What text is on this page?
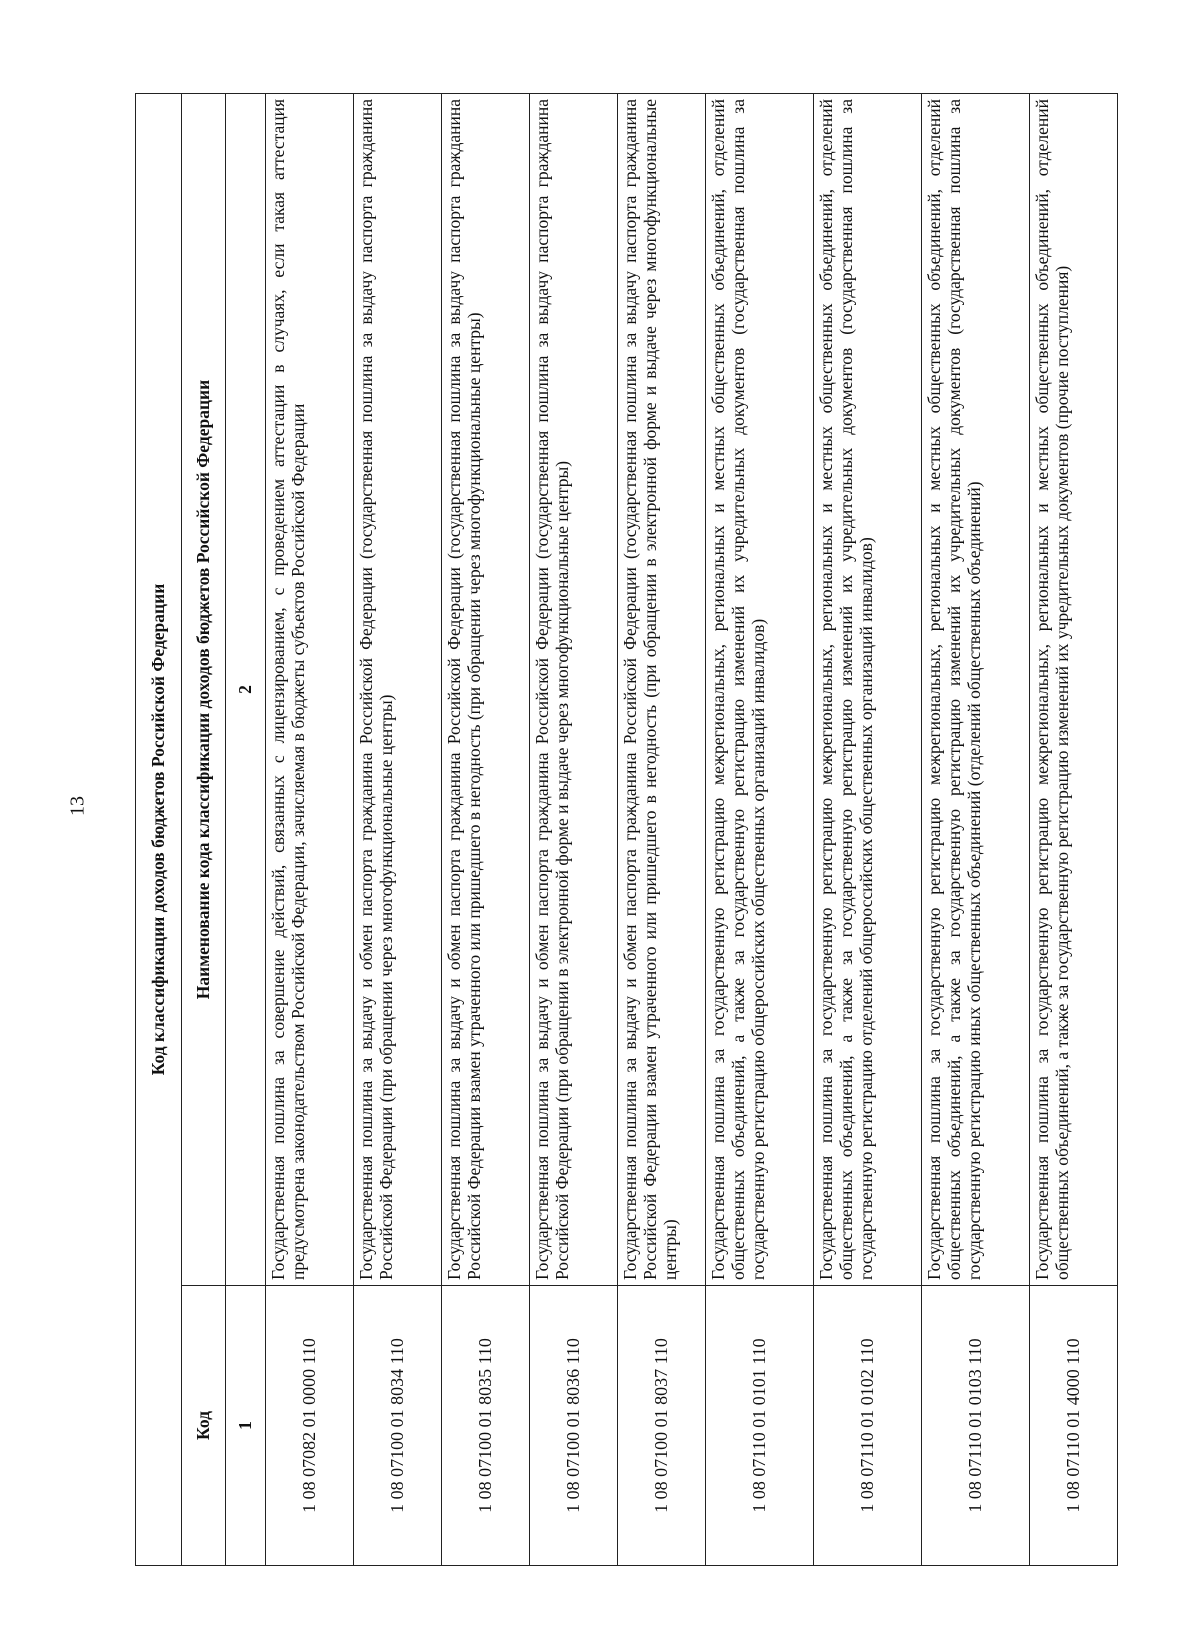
13	Код классификации доходов бюджетов Российской Федерации	
Код	Наименование кода классификации доходов бюджетов Российской Федерации
1	2
1 08 07082 01 0000 110	Государственная пошлина за совершение действий, связанных с лицензированием, с проведением аттестации в случаях, если такая аттестация предусмотрена законодательством Российской Федерации, зачисляемая в бюджеты субъектов Российской Федерации
1 08 07100 01 8034 110	Государственная пошлина за выдачу и обмен паспорта гражданина Российской Федерации (государственная пошлина за выдачу паспорта гражданина Российской Федерации (при обращении через многофункциональные центры)
1 08 07100 01 8035 110	Государственная пошлина за выдачу и обмен паспорта гражданина Российской Федерации (государственная пошлина за выдачу паспорта гражданина Российской Федерации взамен утраченного или пришедшего в негодность (при обращении через многофункциональные центры)
1 08 07100 01 8036 110	Государственная пошлина за выдачу и обмен паспорта гражданина Российской Федерации (государственная пошлина за выдачу паспорта гражданина Российской Федерации (при обращении в электронной форме и выдаче через многофункциональные центры)
1 08 07100 01 8037 110	Государственная пошлина за выдачу и обмен паспорта гражданина Российской Федерации (государственная пошлина за выдачу паспорта гражданина Российской Федерации взамен утраченного или пришедшего в негодность (при обращении в электронной форме и выдаче через многофункциональные центры)
1 08 07110 01 0101 110	Государственная пошлина за государственную регистрацию межрегиональных, региональных и местных общественных объединений, отделений общественных объединений, а также за государственную регистрацию изменений их учредительных документов (государственная пошлина за государственную регистрацию общероссийских общественных организаций инвалидов)
1 08 07110 01 0102 110	Государственная пошлина за государственную регистрацию межрегиональных, региональных и местных общественных объединений, отделений общественных объединений, а также за государственную регистрацию изменений их учредительных документов (государственная пошлина за государственную регистрацию отделений общероссийских общественных организаций инвалидов)
1 08 07110 01 0103 110	Государственная пошлина за государственную регистрацию межрегиональных, региональных и местных общественных объединений, отделений общественных объединений, а также за государственную регистрацию изменений их учредительных документов (государственная пошлина за государственную регистрацию иных общественных объединений (отделений общественных объединений)
1 08 07110 01 4000 110	Государственная пошлина за государственную регистрацию межрегиональных, региональных и местных общественных объединений, отделений общественных объединений, а также за государственную регистрацию изменений их учредительных документов (прочие поступления)
